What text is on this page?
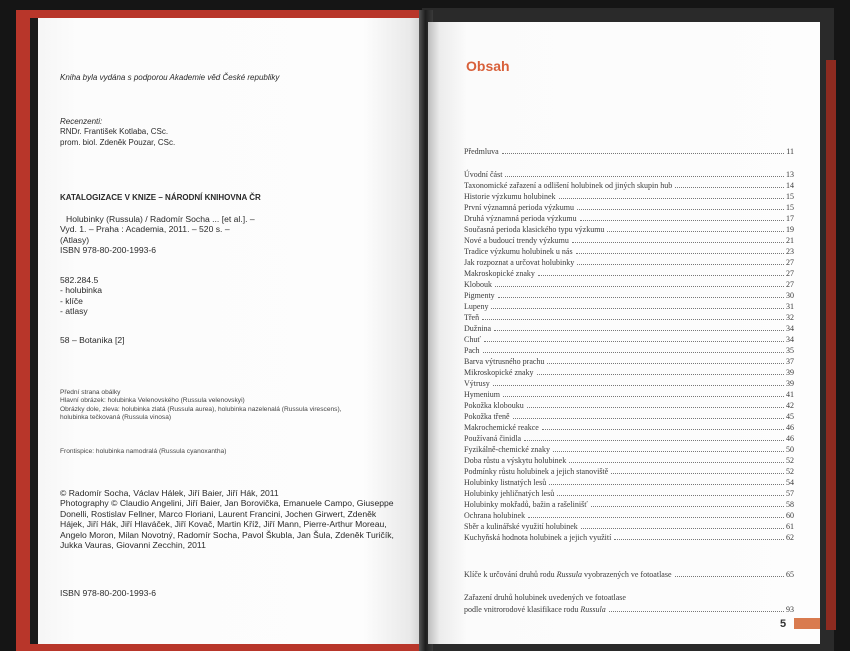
Kniha byla vydána s podporou Akademie věd České republiky
Recenzenti:
RNDr. František Kotlaba, CSc.
prom. biol. Zdeněk Pouzar, CSc.
KATALOGIZACE V KNIZE – NÁRODNÍ KNIHOVNA ČR
Holubinky (Russula) / Radomír Socha ... [et al.]. –
Vyd. 1. – Praha : Academia, 2011. – 520 s. –
(Atlasy)
ISBN 978-80-200-1993-6
582.284.5
- holubinka
- klíče
- atlasy
58 – Botanika [2]
Přední strana obálky
Hlavní obrázek: holubinka Velenovského (Russula velenovskyi)
Obrázky dole, zleva: holubinka zlatá (Russula aurea), holubinka nazelenalá (Russula virescens),
holubinka tečkovaná (Russula vinosa)
Frontispice: holubinka namodralá (Russula cyanoxantha)
© Radomír Socha, Václav Hálek, Jiří Baier, Jiří Hák, 2011
Photography © Claudio Angelini, Jiří Baier, Jan Borovička, Emanuele Campo, Giuseppe
Donelli, Rostislav Fellner, Marco Floriani, Laurent Francini, Jochen Girwert, Zdeněk
Hájek, Jiří Hák, Jiří Hlaváček, Jiří Kovač, Martin Kříž, Jiří Mann, Pierre-Arthur Moreau,
Angelo Moron, Milan Novotný, Radomír Socha, Pavol Škubla, Jan Šula, Zdeněk Turičík,
Jukka Vauras, Giovanni Zecchin, 2011
ISBN 978-80-200-1993-6
Obsah
Předmluva	11
Úvodní část	13
Taxonomické zařazení a odlišení holubinek od jiných skupin hub	14
Historie výzkumu holubinek	15
První významná perioda výzkumu	15
Druhá významná perioda výzkumu	17
Současná perioda klasického typu výzkumu	19
Nové a budoucí trendy výzkumu	21
Tradice výzkumu holubinek u nás	23
Jak rozpoznat a určovat holubinky	27
Makroskopické znaky	27
Klobouk	27
Pigmenty	30
Lupeny	31
Třeň	32
Dužnina	34
Chuť	34
Pach	35
Barva výtrusného prachu	37
Mikroskopické znaky	39
Výtrusy	39
Hymenium	41
Pokožka klobouku	42
Pokožka třeně	45
Makrochemické reakce	46
Používaná činidla	46
Fyzikálně-chemické znaky	50
Doba růstu a výskytu holubinek	52
Podmínky růstu holubinek a jejich stanoviště	52
Holubinky listnatých lesů	54
Holubinky jehličnatých lesů	57
Holubinky mokřadů, bažin a rašelinišť	58
Ochrana holubinek	60
Sběr a kulinářské využití holubinek	61
Kuchyňská hodnota holubinek a jejich využití	62
Klíče k určování druhů rodu Russula vyobrazených ve fotoatlase	65
Zařazení druhů holubinek uvedených ve fotoatlase
podle vnitrorodové klasifikace rodu Russula	93
5
